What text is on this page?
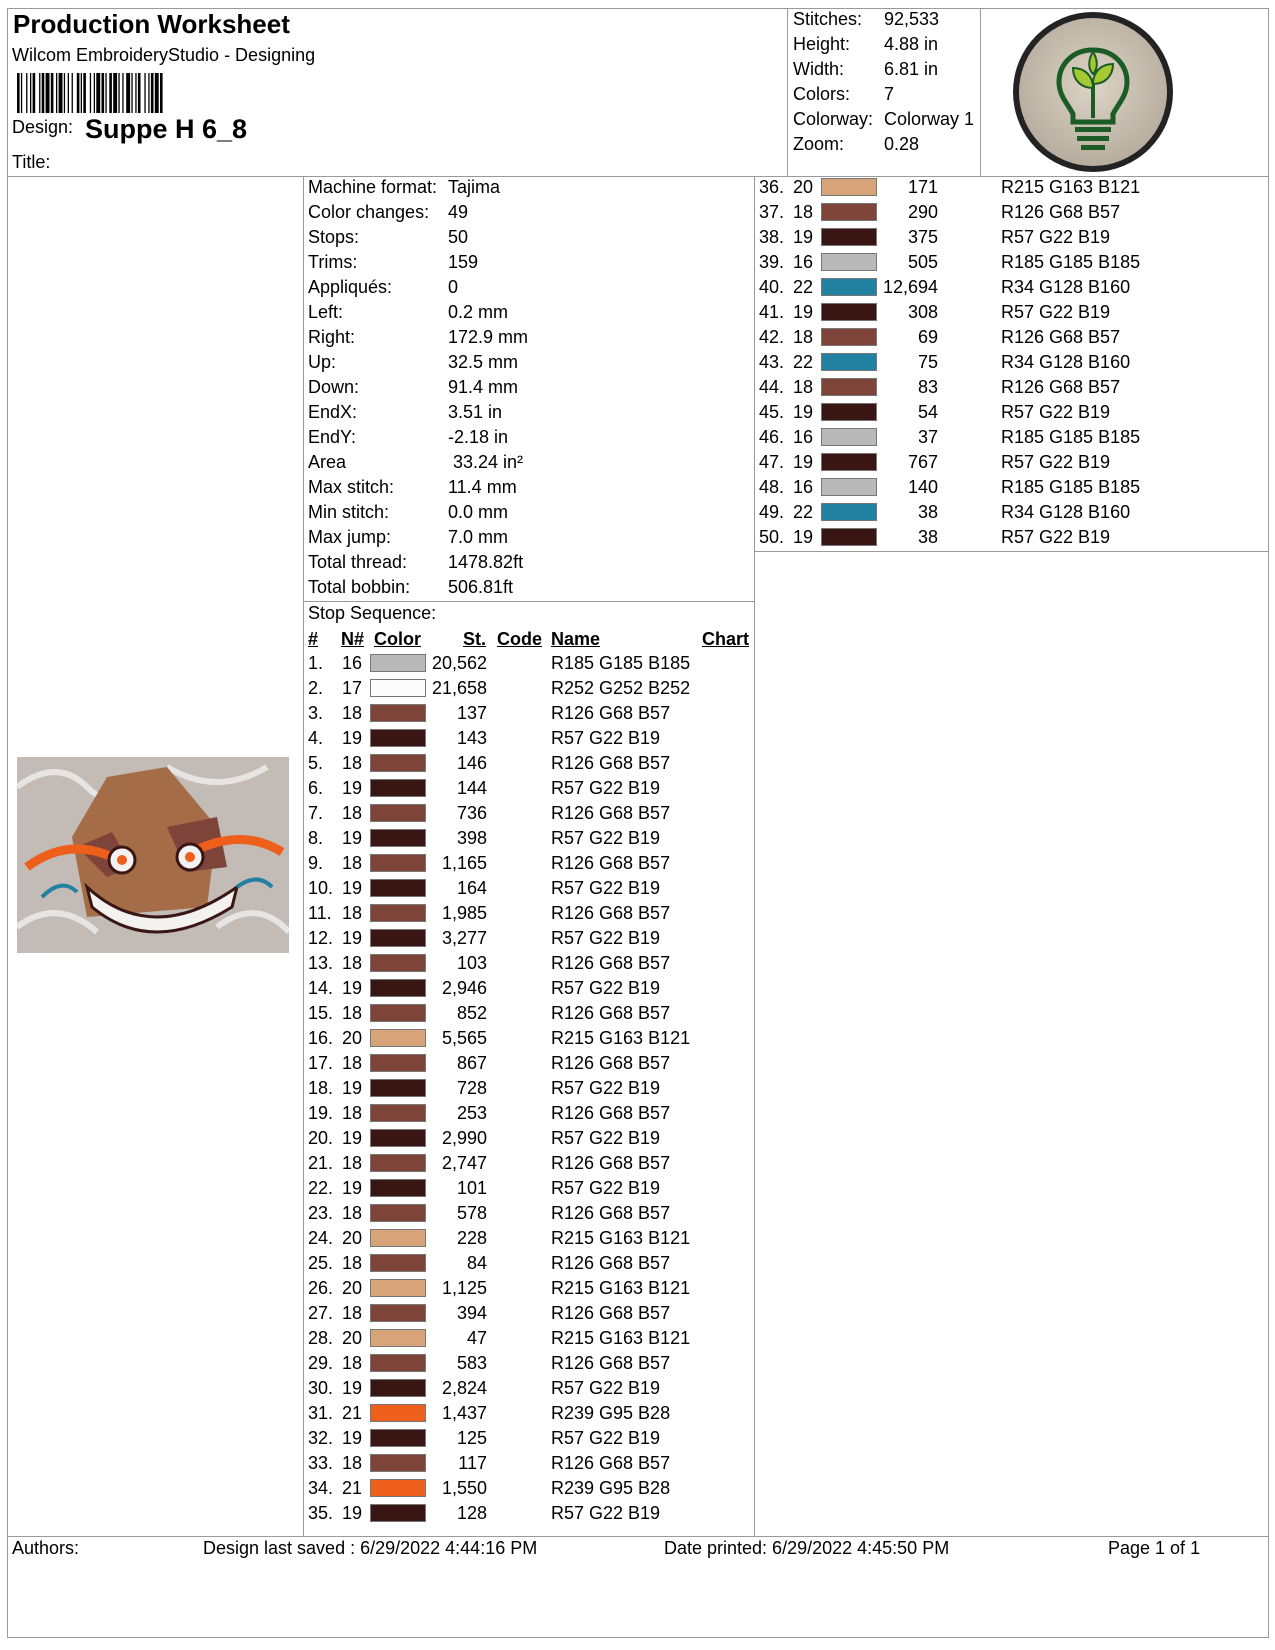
Production Worksheet
Wilcom EmbroideryStudio - Designing
Design: Suppe H 6_8
Title:
Stitches: 92,533
Height: 4.88 in
Width: 6.81 in
Colors: 7
Colorway: Colorway 1
Zoom: 0.28
Machine format: Tajima
Color changes: 49
Stops:	50
Trims:	159
Appliqués:	0
Left:	0.2 mm
Right:	172.9 mm
Up:	32.5 mm
Down:	91.4 mm
EndX:	3.51 in
EndY:	-2.18 in
Area	33.24 in²
Max stitch:	11.4 mm
Min stitch:	0.0 mm
Max jump:	7.0 mm
Total thread: 1478.82ft
Total bobbin: 506.81ft
Stop Sequence:
# N# Color St. Code Name	Chart
1. 16	20,562	R185 G185 B185
2. 17	21,658	R252 G252 B252
3. 18	137	R126 G68 B57
4. 19	143	R57 G22 B19
5. 18	146	R126 G68 B57
6. 19	144	R57 G22 B19
7. 18	736	R126 G68 B57
8. 19	398	R57 G22 B19
9. 18	1,165	R126 G68 B57
10. 19	164	R57 G22 B19
11. 18	1,985	R126 G68 B57
12. 19	3,277	R57 G22 B19
13. 18	103	R126 G68 B57
14. 19	2,946	R57 G22 B19
15. 18	852	R126 G68 B57
16. 20	5,565	R215 G163 B121
17. 18	867	R126 G68 B57
18. 19	728	R57 G22 B19
19. 18	253	R126 G68 B57
20. 19	2,990	R57 G22 B19
21. 18	2,747	R126 G68 B57
22. 19	101	R57 G22 B19
23. 18	578	R126 G68 B57
24. 20	228	R215 G163 B121
25. 18	84	R126 G68 B57
26. 20	1,125	R215 G163 B121
27. 18	394	R126 G68 B57
28. 20	47	R215 G163 B121
29. 18	583	R126 G68 B57
30. 19	2,824	R57 G22 B19
31. 21	1,437	R239 G95 B28
32. 19	125	R57 G22 B19
33. 18	117	R126 G68 B57
34. 21	1,550	R239 G95 B28
35. 19	128	R57 G22 B19
36. 20	171	R215 G163 B121
37. 18	290	R126 G68 B57
38. 19	375	R57 G22 B19
39. 16	505	R185 G185 B185
40. 22	12,694	R34 G128 B160
41. 19	308	R57 G22 B19
42. 18	69	R126 G68 B57
43. 22	75	R34 G128 B160
44. 18	83	R126 G68 B57
45. 19	54	R57 G22 B19
46. 16	37	R185 G185 B185
47. 19	767	R57 G22 B19
48. 16	140	R185 G185 B185
49. 22	38	R34 G128 B160
50. 19	38	R57 G22 B19
Authors:	Design last saved : 6/29/2022 4:44:16 PM	Date printed: 6/29/2022 4:45:50 PM	Page 1 of 1
